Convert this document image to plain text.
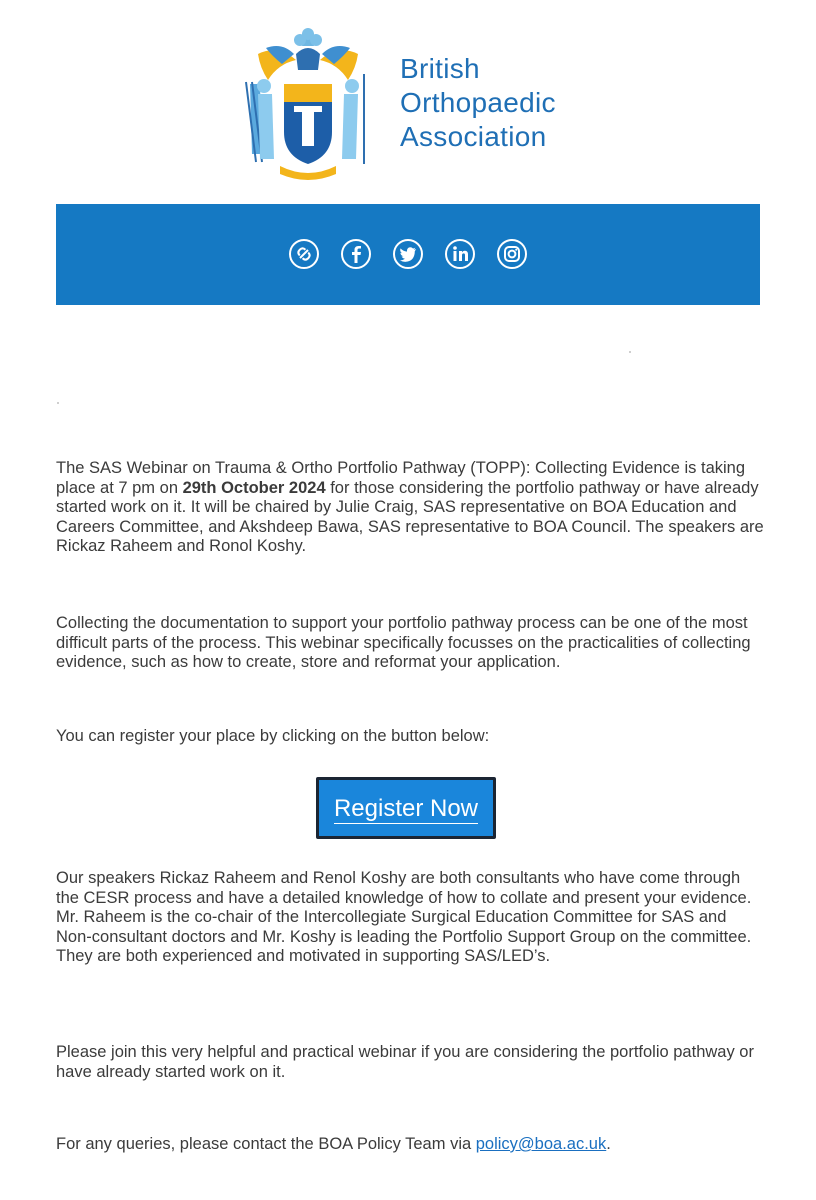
British
Orthopaedic
Association

The SAS Webinar on Trauma & Ortho Portfolio Pathway (TOPP): Collecting Evidence is taking place at 7 pm on 29th October 2024 for those considering the portfolio pathway or have already started work on it. It will be chaired by Julie Craig, SAS representative on BOA Education and Careers Committee, and Akshdeep Bawa, SAS representative to BOA Council. The speakers are Rickaz Raheem and Ronol Koshy.

Collecting the documentation to support your portfolio pathway process can be one of the most difficult parts of the process. This webinar specifically focusses on the practicalities of collecting evidence, such as how to create, store and reformat your application.

You can register your place by clicking on the button below:

Register Now

Our speakers Rickaz Raheem and Renol Koshy are both consultants who have come through the CESR process and have a detailed knowledge of how to collate and present your evidence. Mr. Raheem is the co-chair of the Intercollegiate Surgical Education Committee for SAS and Non-consultant doctors and Mr. Koshy is leading the Portfolio Support Group on the committee. They are both experienced and motivated in supporting SAS/LED’s.

Please join this very helpful and practical webinar if you are considering the portfolio pathway or have already started work on it.

For any queries, please contact the BOA Policy Team via policy@boa.ac.uk.
